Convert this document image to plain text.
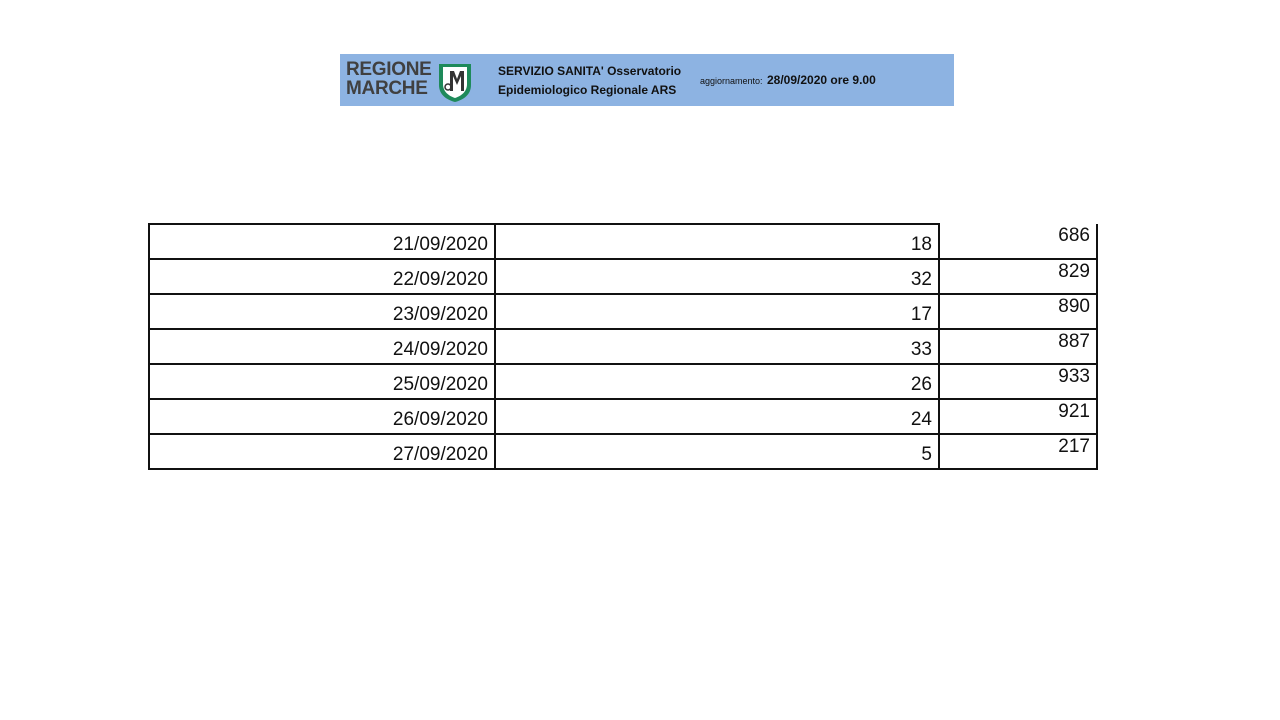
REGIONE
MARCHE
SERVIZIO SANITA' Osservatorio
Epidemiologico Regionale ARS
aggiornamento: 28/09/2020 ore 9.00
21/09/2020	18	686
22/09/2020	32	829
23/09/2020	17	890
24/09/2020	33	887
25/09/2020	26	933
26/09/2020	24	921
27/09/2020	5	217
